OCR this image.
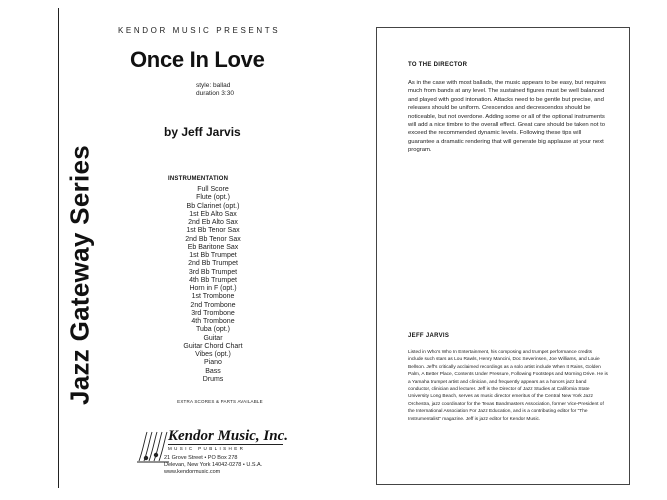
Jazz Gateway Series
KENDOR MUSIC PRESENTS
Once In Love
style: ballad
duration 3:30
by Jeff Jarvis
INSTRUMENTATION
Full Score
Flute (opt.)
Bb Clarinet (opt.)
1st Eb Alto Sax
2nd Eb Alto Sax
1st Bb Tenor Sax
2nd Bb Tenor Sax
Eb Baritone Sax
1st Bb Trumpet
2nd Bb Trumpet
3rd Bb Trumpet
4th Bb Trumpet
Horn in F (opt.)
1st Trombone
2nd Trombone
3rd Trombone
4th Trombone
Tuba (opt.)
Guitar
Guitar Chord Chart
Vibes (opt.)
Piano
Bass
Drums
EXTRA SCORES & PARTS AVAILABLE
Kendor Music, Inc.
MUSIC PUBLISHER
21 Grove Street • PO Box 278
Delevan, New York 14042-0278 • U.S.A.
www.kendormusic.com
TO THE DIRECTOR
As in the case with most ballads, the music appears to be easy, but requires much from bands at any level. The sustained figures must be well balanced and played with good intonation. Attacks need to be gentle but precise, and releases should be uniform. Crescendos and decrescendos should be noticeable, but not overdone. Adding some or all of the optional instruments will add a nice timbre to the overall effect. Great care should be taken not to exceed the recommended dynamic levels. Following these tips will guarantee a dramatic rendering that will generate big applause at your next program.
JEFF JARVIS
Listed in Who's Who In Entertainment, his composing and trumpet performance credits include such stars as Lou Rawls, Henry Mancini, Doc Severinsen, Joe Williams, and Louie Bellson. Jeff's critically acclaimed recordings as a solo artist include When It Rains, Golden Palm, A Better Place, Contents Under Pressure, Following Footsteps and Morning Drive. He is a Yamaha trumpet artist and clinician, and frequently appears as a honors jazz band conductor, clinician and lecturer. Jeff is the Director of Jazz Studies at California State University Long Beach, serves as music director emeritus of the Central New York Jazz Orchestra, jazz coordinator for the Texas Bandmasters Association, former Vice-President of the International Association For Jazz Education, and is a contributing editor for "The Instrumentalist" magazine. Jeff is jazz editor for Kendor Music.
